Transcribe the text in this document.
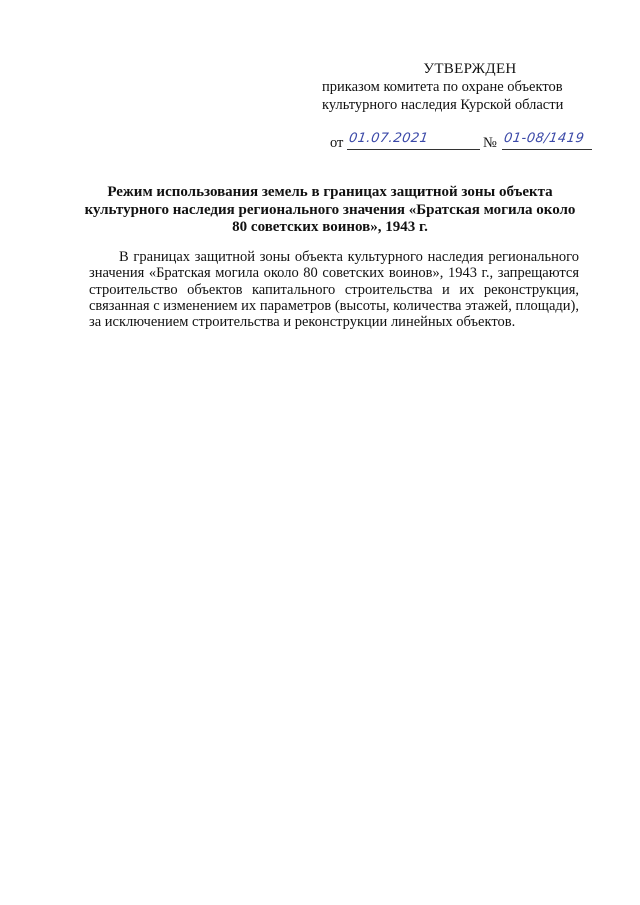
УТВЕРЖДЕН
приказом комитета по охране объектов
культурного наследия Курской области
от 01.07.2021	№ 01-08/1419
Режим использования земель в границах защитной зоны объекта культурного наследия регионального значения «Братская могила около 80 советских воинов», 1943 г.

В границах защитной зоны объекта культурного наследия регионального значения «Братская могила около 80 советских воинов», 1943 г., запрещаются строительство объектов капитального строительства и их реконструкция, связанная с изменением их параметров (высоты, количества этажей, площади), за исключением строительства и реконструкции линейных объектов.
